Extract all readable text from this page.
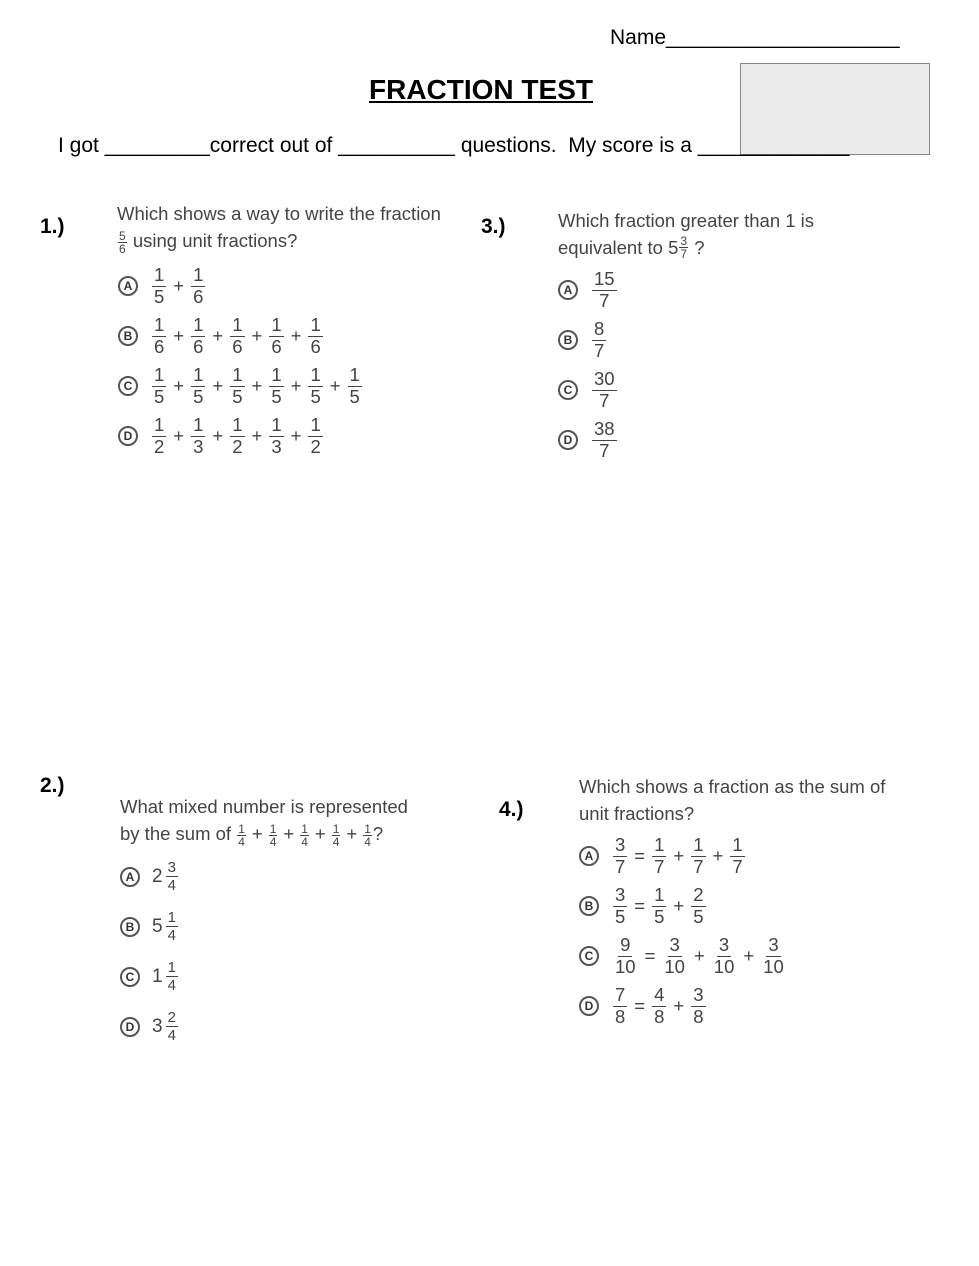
Name____________________
FRACTION TEST
I got _________correct out of __________ questions.  My score is a _____________
1.)
Which shows a way to write the fraction
$\frac{5}{6}$ using unit fractions?
A	$\frac{1}{5} + \frac{1}{6}$
B	$\frac{1}{6} + \frac{1}{6} + \frac{1}{6} + \frac{1}{6} + \frac{1}{6}$
C	$\frac{1}{5} + \frac{1}{5} + \frac{1}{5} + \frac{1}{5} + \frac{1}{5} + \frac{1}{5}$
D	$\frac{1}{2} + \frac{1}{3} + \frac{1}{2} + \frac{1}{3} + \frac{1}{2}$
2.)
What mixed number is represented
by the sum of $\frac{1}{4} + \frac{1}{4} + \frac{1}{4} + \frac{1}{4} + \frac{1}{4}$ ?
A $2 \frac{3}{4}$
B $5 \frac{1}{4}$
C $1 \frac{1}{4}$
D $3 \frac{2}{4}$
3.)	Which fraction greater than 1 is
equivalent to $5 \frac{3}{7}$ ?
A	$\frac{15}{7}$
B	$\frac{8}{7}$
C	$\frac{30}{7}$
D	$\frac{38}{7}$
4.)
Which shows a fraction as the sum of
unit fractions?
A	$\frac{3}{7} = \frac{1}{7} + \frac{1}{7} + \frac{1}{7}$
B	$\frac{3}{5} = \frac{1}{5} + \frac{2}{5}$
C	$\frac{9}{10} = \frac{3}{10} + \frac{3}{10} + \frac{3}{10}$
D	$\frac{7}{8} = \frac{4}{8} + \frac{3}{8}$
